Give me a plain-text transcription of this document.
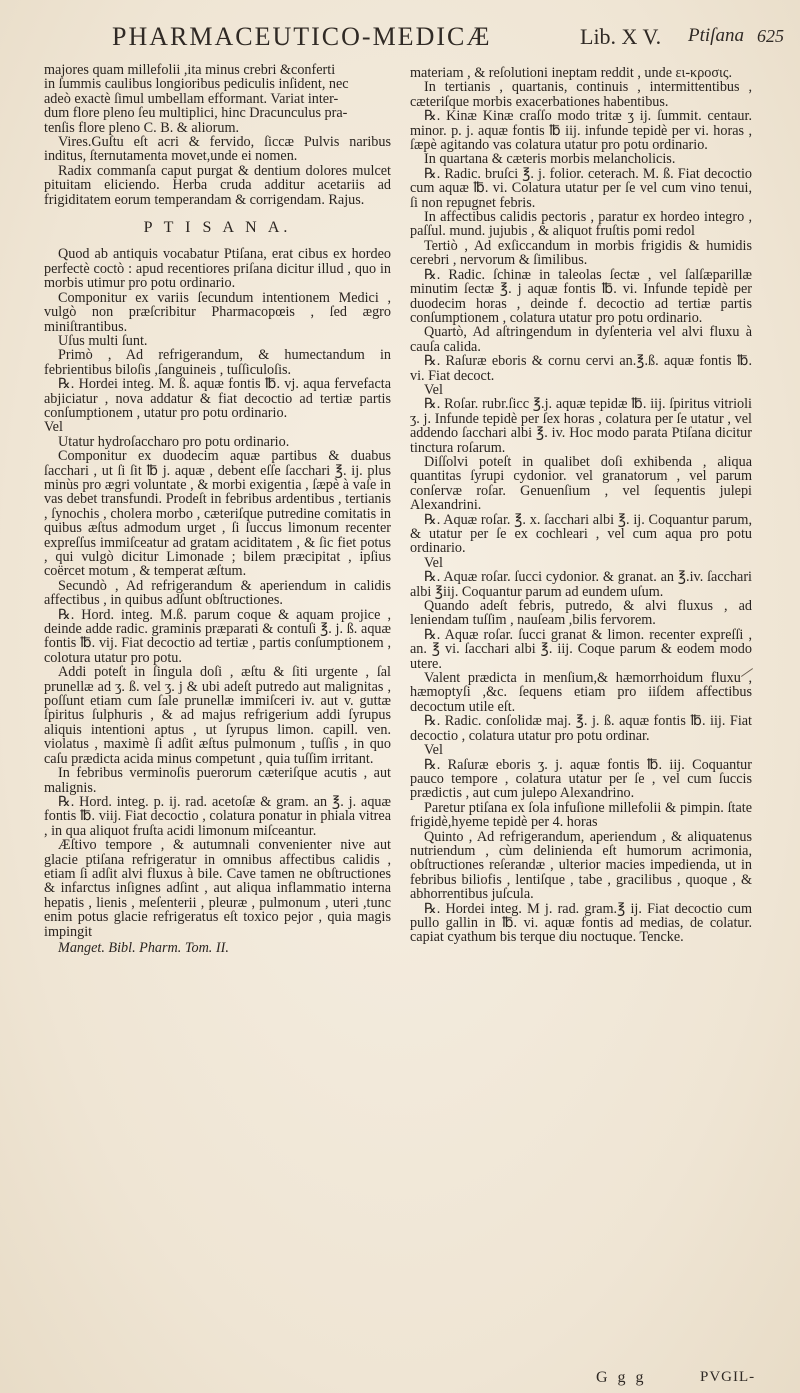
PHARMACEUTICO-MEDICÆ	Lib. X V. Ptiſana 625

majores quam millefolii ,ita minus crebri &conferti

in ſummis caulibus longioribus pediculis inſident, nec

adeò exactè ſimul umbellam efformant. Variat inter-

dum flore pleno ſeu multiplici, hinc Dracunculus pra-

tenſis flore pleno C. B. & aliorum.

Vires.Guſtu eſt acri & fervido, ſiccæ Pulvis naribus inditus, ſternutamenta movet,unde ei nomen.

Radix commanſa caput purgat & dentium dolores mulcet pituitam eliciendo. Herba cruda additur acetariis ad frigiditatem eorum temperandam & corrigendam. Rajus.

P T I S A N A.

Quod ab antiquis vocabatur Ptiſana, erat cibus ex hordeo perfectè coctò : apud recentiores priſana dicitur illud , quo in morbis utimur pro potu ordinario.

Componitur ex variis ſecundum intentionem Medici , vulgò non præſcribitur Pharmacopœis , ſed ægro miniſtrantibus.

Uſus multi ſunt.

Primò , Ad refrigerandum, & humectandum in febrientibus biloſis ,ſanguineis , tuſſiculoſis.

℞. Hordei integ. M. ß. aquæ fontis ℔. vj. aqua fervefacta abjiciatur , nova addatur & fiat decoctio ad tertiæ partis conſumptionem , utatur pro potu ordinario.

Vel

Utatur hydroſaccharo pro potu ordinario.

Componitur ex duodecim aquæ partibus & duabus ſacchari , ut ſi ſit ℔ j. aquæ , debent eſſe ſacchari ℥. ij. plus minùs pro ægri voluntate , & morbi exigentia , ſæpè à vaſe in vas debet transfundi. Prodeſt in febribus ardentibus , tertianis , ſynochis , cholera morbo , cæteriſque putredine comitatis in quibus æſtus admodum urget , ſi ſuccus limonum recenter expreſſus immiſceatur ad gratam aciditatem , & ſic fiet potus , qui vulgò dicitur Limonade ; bilem præcipitat , ipſius coërcet motum , & temperat æſtum.

Secundò , Ad refrigerandum & aperiendum in calidis affectibus , in quibus adſunt obſtructiones.

℞. Hord. integ. M.ß. parum coque & aquam projice , deinde adde radic. graminis præparati & contuſi ℥. j. ß. aquæ fontis ℔. vij. Fiat decoctio ad tertiæ , partis conſumptionem , colotura utatur pro potu.

Addi poteſt in ſingula doſi , æſtu & ſiti urgente , ſal prunellæ ad ʒ. ß. vel ʒ. j & ubi adeſt putredo aut malignitas , poſſunt etiam cum ſale prunellæ immiſceri iv. aut v. guttæ ſpiritus ſulphuris , & ad majus refrigerium addi ſyrupus aliquis intentioni aptus , ut ſyrupus limon. capill. ven. violatus , maximè ſi adſit æſtus pulmonum , tuſſis , in quo caſu prædicta acida minus competunt , quia tuſſim irritant.

In febribus verminoſis puerorum cæteriſque acutis , aut malignis.

℞. Hord. integ. p. ij. rad. acetoſæ & gram. an ℥. j. aquæ fontis ℔. viij. Fiat decoctio , colatura ponatur in phiala vitrea , in qua aliquot fruſta acidi limonum miſceantur.

Æſtivo tempore , & autumnali convenienter nive aut glacie ptiſana refrigeratur in omnibus affectibus calidis , etiam ſi adſit alvi fluxus à bile. Cave tamen ne obſtructiones & infarctus inſignes adſint , aut aliqua inflammatio interna hepatis , lienis , meſenterii , pleuræ , pulmonum , uteri ,tunc enim potus glacie refrigeratus eſt toxico pejor , quia magis impingit

Manget. Bibl. Pharm. Tom. II.

materiam , & reſolutioni ineptam reddit , unde ει-κροσις.

In tertianis , quartanis, continuis , intermittentibus , cæteriſque morbis exacerbationes habentibus.

℞. Kinæ Kinæ craſſo modo tritæ ʒ ij. ſummit. centaur. minor. p. j. aquæ fontis ℔ iij. infunde tepidè per vi. horas , ſæpè agitando vas colatura utatur pro potu ordinario.

In quartana & cæteris morbis melancholicis.

℞. Radic. bruſci ℥. j. folior. ceterach. M. ß. Fiat decoctio cum aquæ ℔. vi. Colatura utatur per ſe vel cum vino tenui, ſi non repugnet febris.

In affectibus calidis pectoris , paratur ex hordeo integro , paſſul. mund. jujubis , & aliquot fruſtis pomi redol

Tertiò , Ad exſiccandum in morbis frigidis & humidis cerebri , nervorum & ſimilibus.

℞. Radic. ſchinæ in taleolas ſectæ , vel ſalſæparillæ minutim ſectæ ℥. j aquæ fontis ℔. vi. Infunde tepidè per duodecim horas , deinde f. decoctio ad tertiæ partis conſumptionem , colatura utatur pro potu ordinario.

Quartò, Ad aſtringendum in dyſenteria vel alvi fluxu à cauſa calida.

℞. Raſuræ eboris & cornu cervi an.℥.ß. aquæ fontis ℔. vi. Fiat decoct.

Vel

℞. Roſar. rubr.ſicc ℥.j. aquæ tepidæ ℔. iij. ſpiritus vitrioli ʒ. j. Infunde tepidè per ſex horas , colatura per ſe utatur , vel addendo ſacchari albi ℥. iv. Hoc modo parata Ptiſana dicitur tinctura roſarum.

Diſſolvi poteſt in qualibet doſi exhibenda , aliqua quantitas ſyrupi cydonior. vel granatorum , vel parum conſervæ roſar. Genuenſium , vel ſequentis julepi Alexandrini.

℞. Aquæ roſar. ℥. x. ſacchari albi ℥. ij. Coquantur parum, & utatur per ſe ex cochleari , vel cum aqua pro potu ordinario.

Vel

℞. Aquæ roſar. ſucci cydonior. & granat. an ℥.iv. ſacchari albi ℥iij. Coquantur parum ad eundem uſum.

Quando adeſt febris, putredo, & alvi fluxus , ad leniendam tuſſim , nauſeam ,bilis fervorem.

℞. Aquæ roſar. ſucci granat & limon. recenter expreſſi , an. ℥ vi. ſacchari albi ℥. iij. Coque parum & eodem modo utere.

Valent prædicta in menſium,& hæmorrhoidum fluxu , hæmoptyſi ,&c. ſequens etiam pro iiſdem affectibus decoctum utile eſt.

℞. Radic. conſolidæ maj. ℥. j. ß. aquæ fontis ℔. iij. Fiat decoctio , colatura utatur pro potu ordinar.

Vel

℞. Raſuræ eboris ʒ. j. aquæ fontis ℔. iij. Coquantur pauco tempore , colatura utatur per ſe , vel cum ſuccis prædictis , aut cum julepo Alexandrino.

Paretur ptiſana ex ſola infuſione millefolii & pimpin. ſtate frigidè,hyeme tepidè per 4. horas

Quinto , Ad refrigerandum, aperiendum , & aliquatenus nutriendum , cùm delinienda eſt humorum acrimonia, obſtructiones reſerandæ , ulterior macies impedienda, ut in febribus biliofis , lentiſque , tabe , gracilibus , quoque , & abhorrentibus juſcula.

℞. Hordei integ. M j. rad. gram.℥ ij. Fiat decoctio cum pullo gallin in ℔. vi. aquæ fontis ad medias, de colatur. capiat cyathum bis terque diu noctuque. Tencke.

G g g	PVGIL-
